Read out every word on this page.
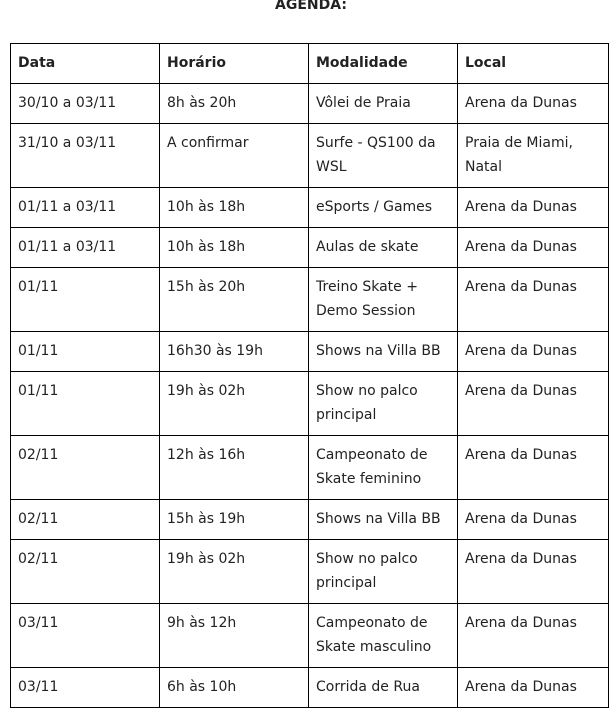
AGENDA:
Data	Horário	Modalidade	Local
30/10 a 03/11	8h às 20h	Vôlei de Praia	Arena da Dunas
31/10 a 03/11	A confirmar	Surfe - QS100 da WSL	Praia de Miami, Natal
01/11 a 03/11	10h às 18h	eSports / Games	Arena da Dunas
01/11 a 03/11	10h às 18h	Aulas de skate	Arena da Dunas
01/11	15h às 20h	Treino Skate + Demo Session	Arena da Dunas
01/11	16h30 às 19h	Shows na Villa BB	Arena da Dunas
01/11	19h às 02h	Show no palco principal	Arena da Dunas
02/11	12h às 16h	Campeonato de Skate feminino	Arena da Dunas
02/11	15h às 19h	Shows na Villa BB	Arena da Dunas
02/11	19h às 02h	Show no palco principal	Arena da Dunas
03/11	9h às 12h	Campeonato de Skate masculino	Arena da Dunas
03/11	6h às 10h	Corrida de Rua	Arena da Dunas
